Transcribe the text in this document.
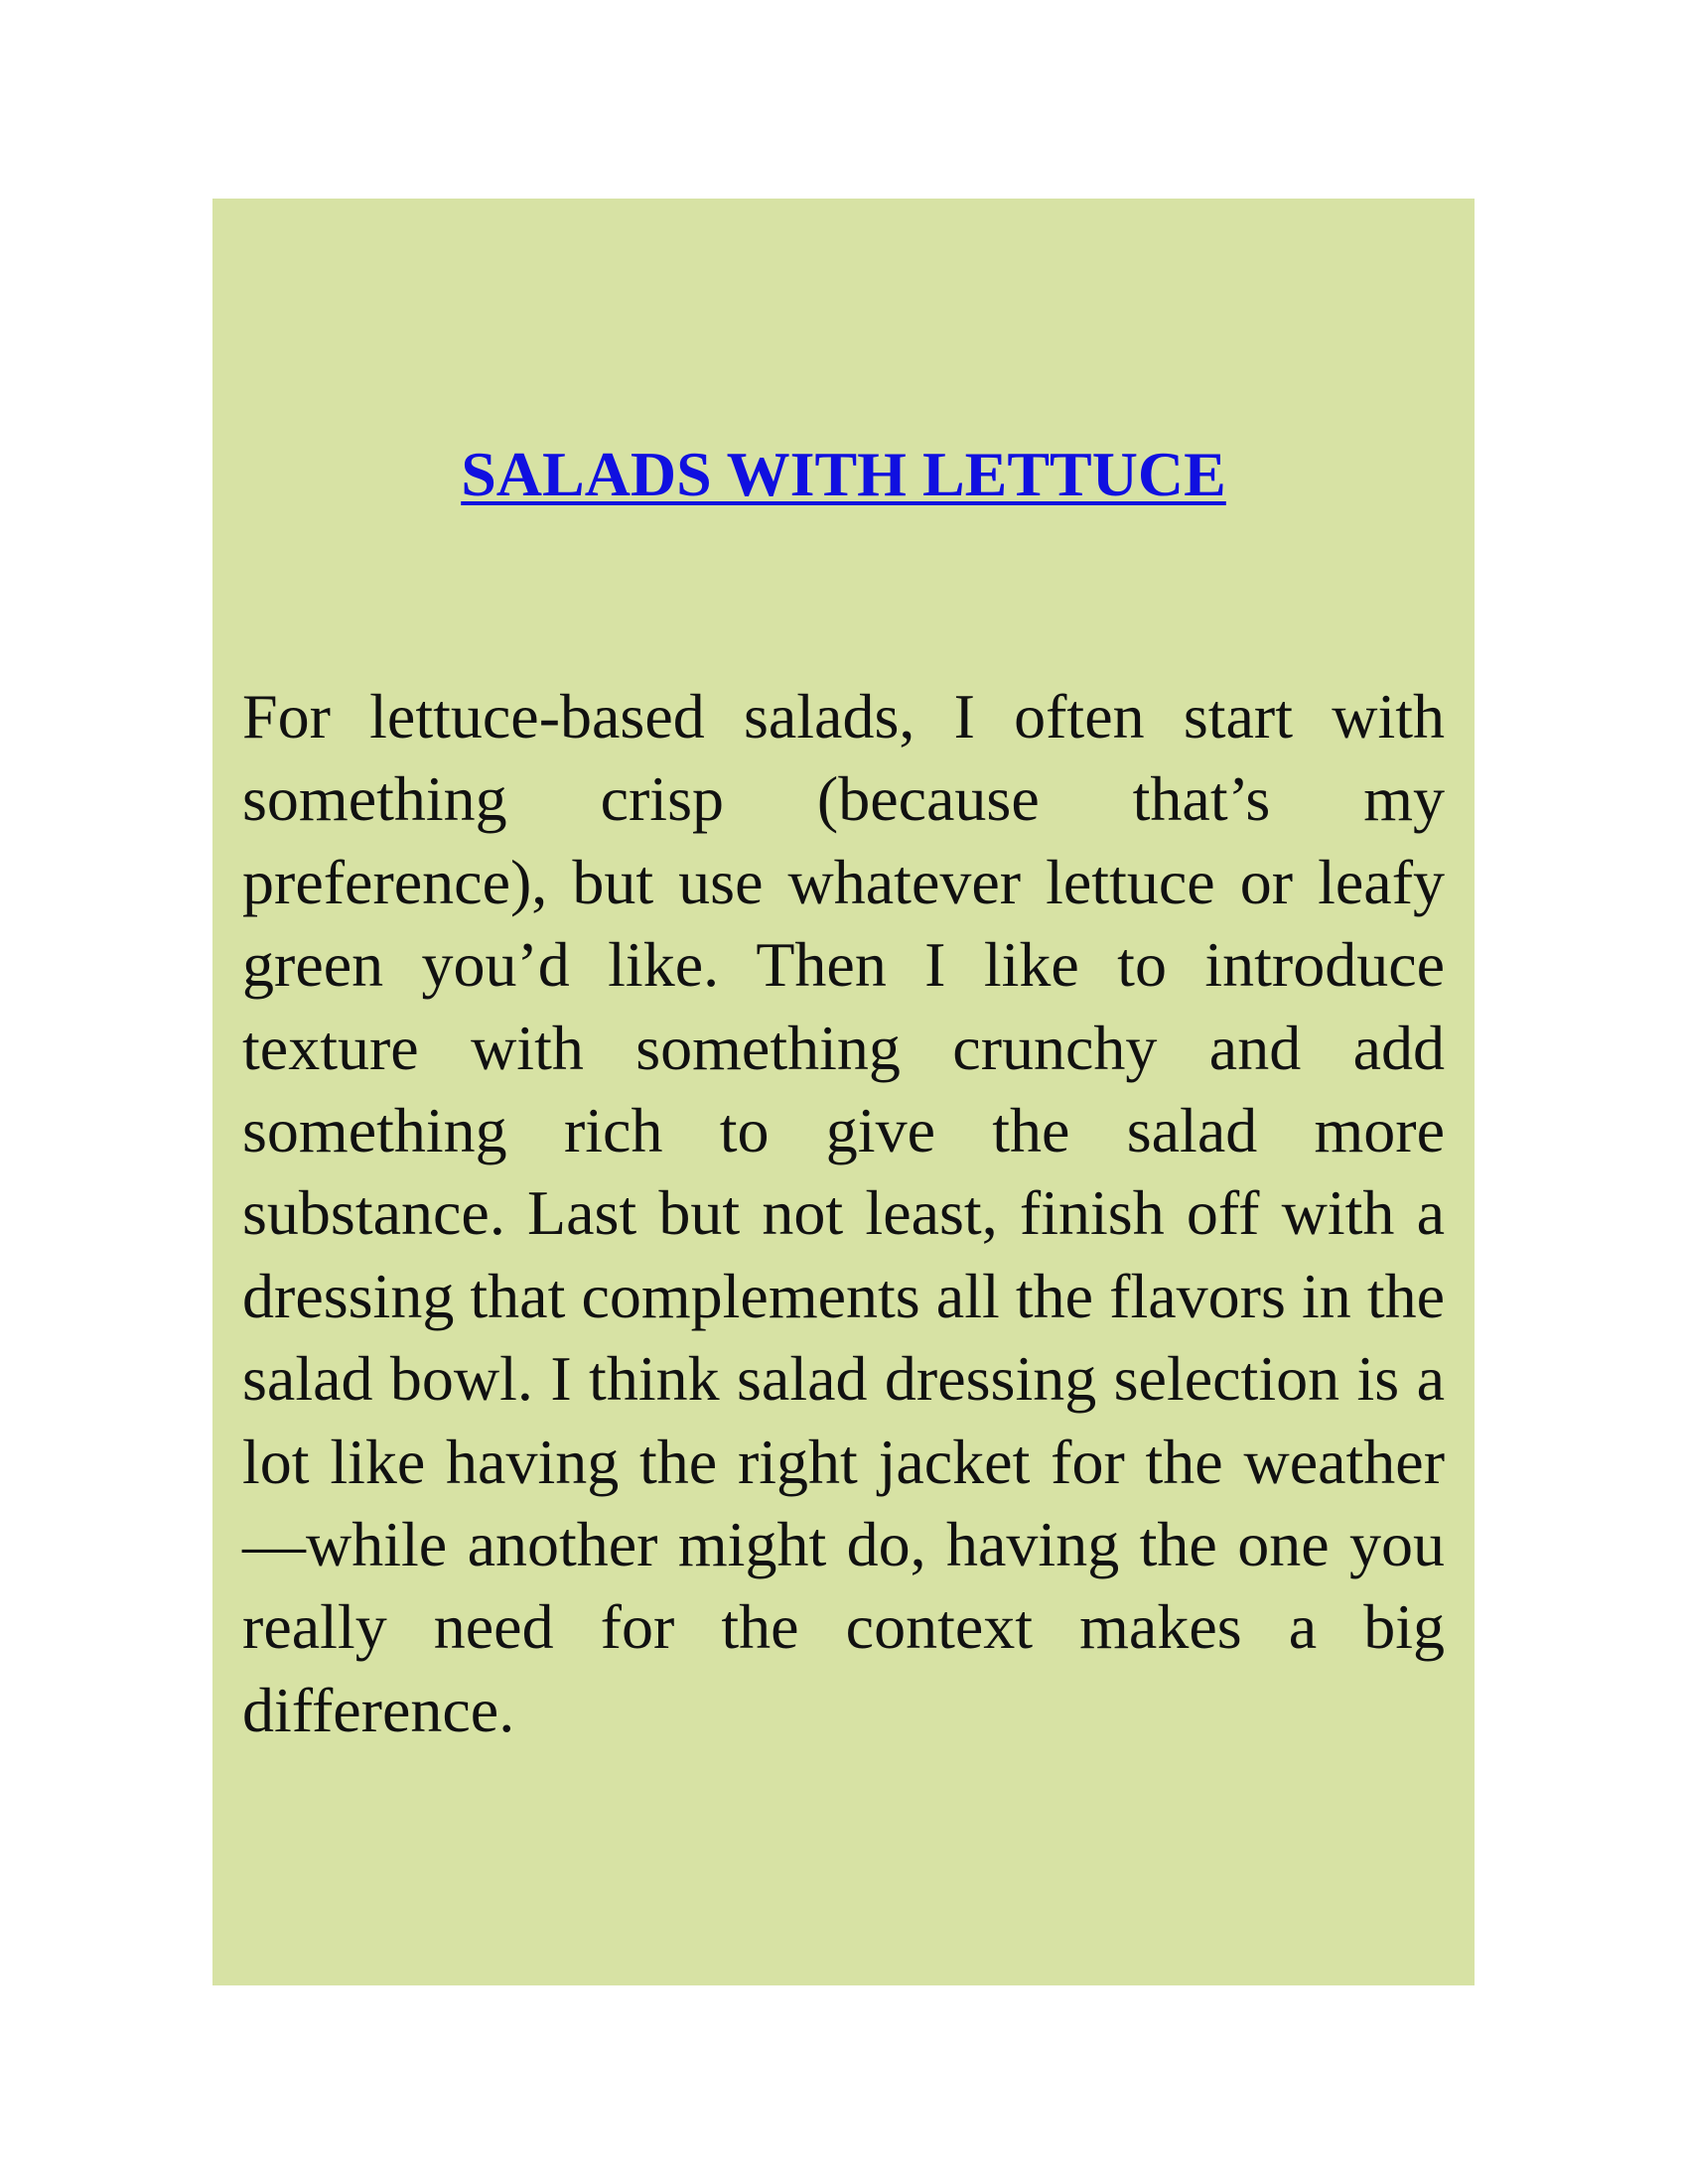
SALADS WITH LETTUCE

For lettuce-based salads, I often start with something crisp (because that’s my preference), but use whatever lettuce or leafy green you’d like. Then I like to introduce texture with something crunchy and add something rich to give the salad more substance. Last but not least, finish off with a dressing that complements all the flavors in the salad bowl. I think salad dressing selection is a lot like having the right jacket for the weather—while another might do, having the one you really need for the context makes a big difference.
